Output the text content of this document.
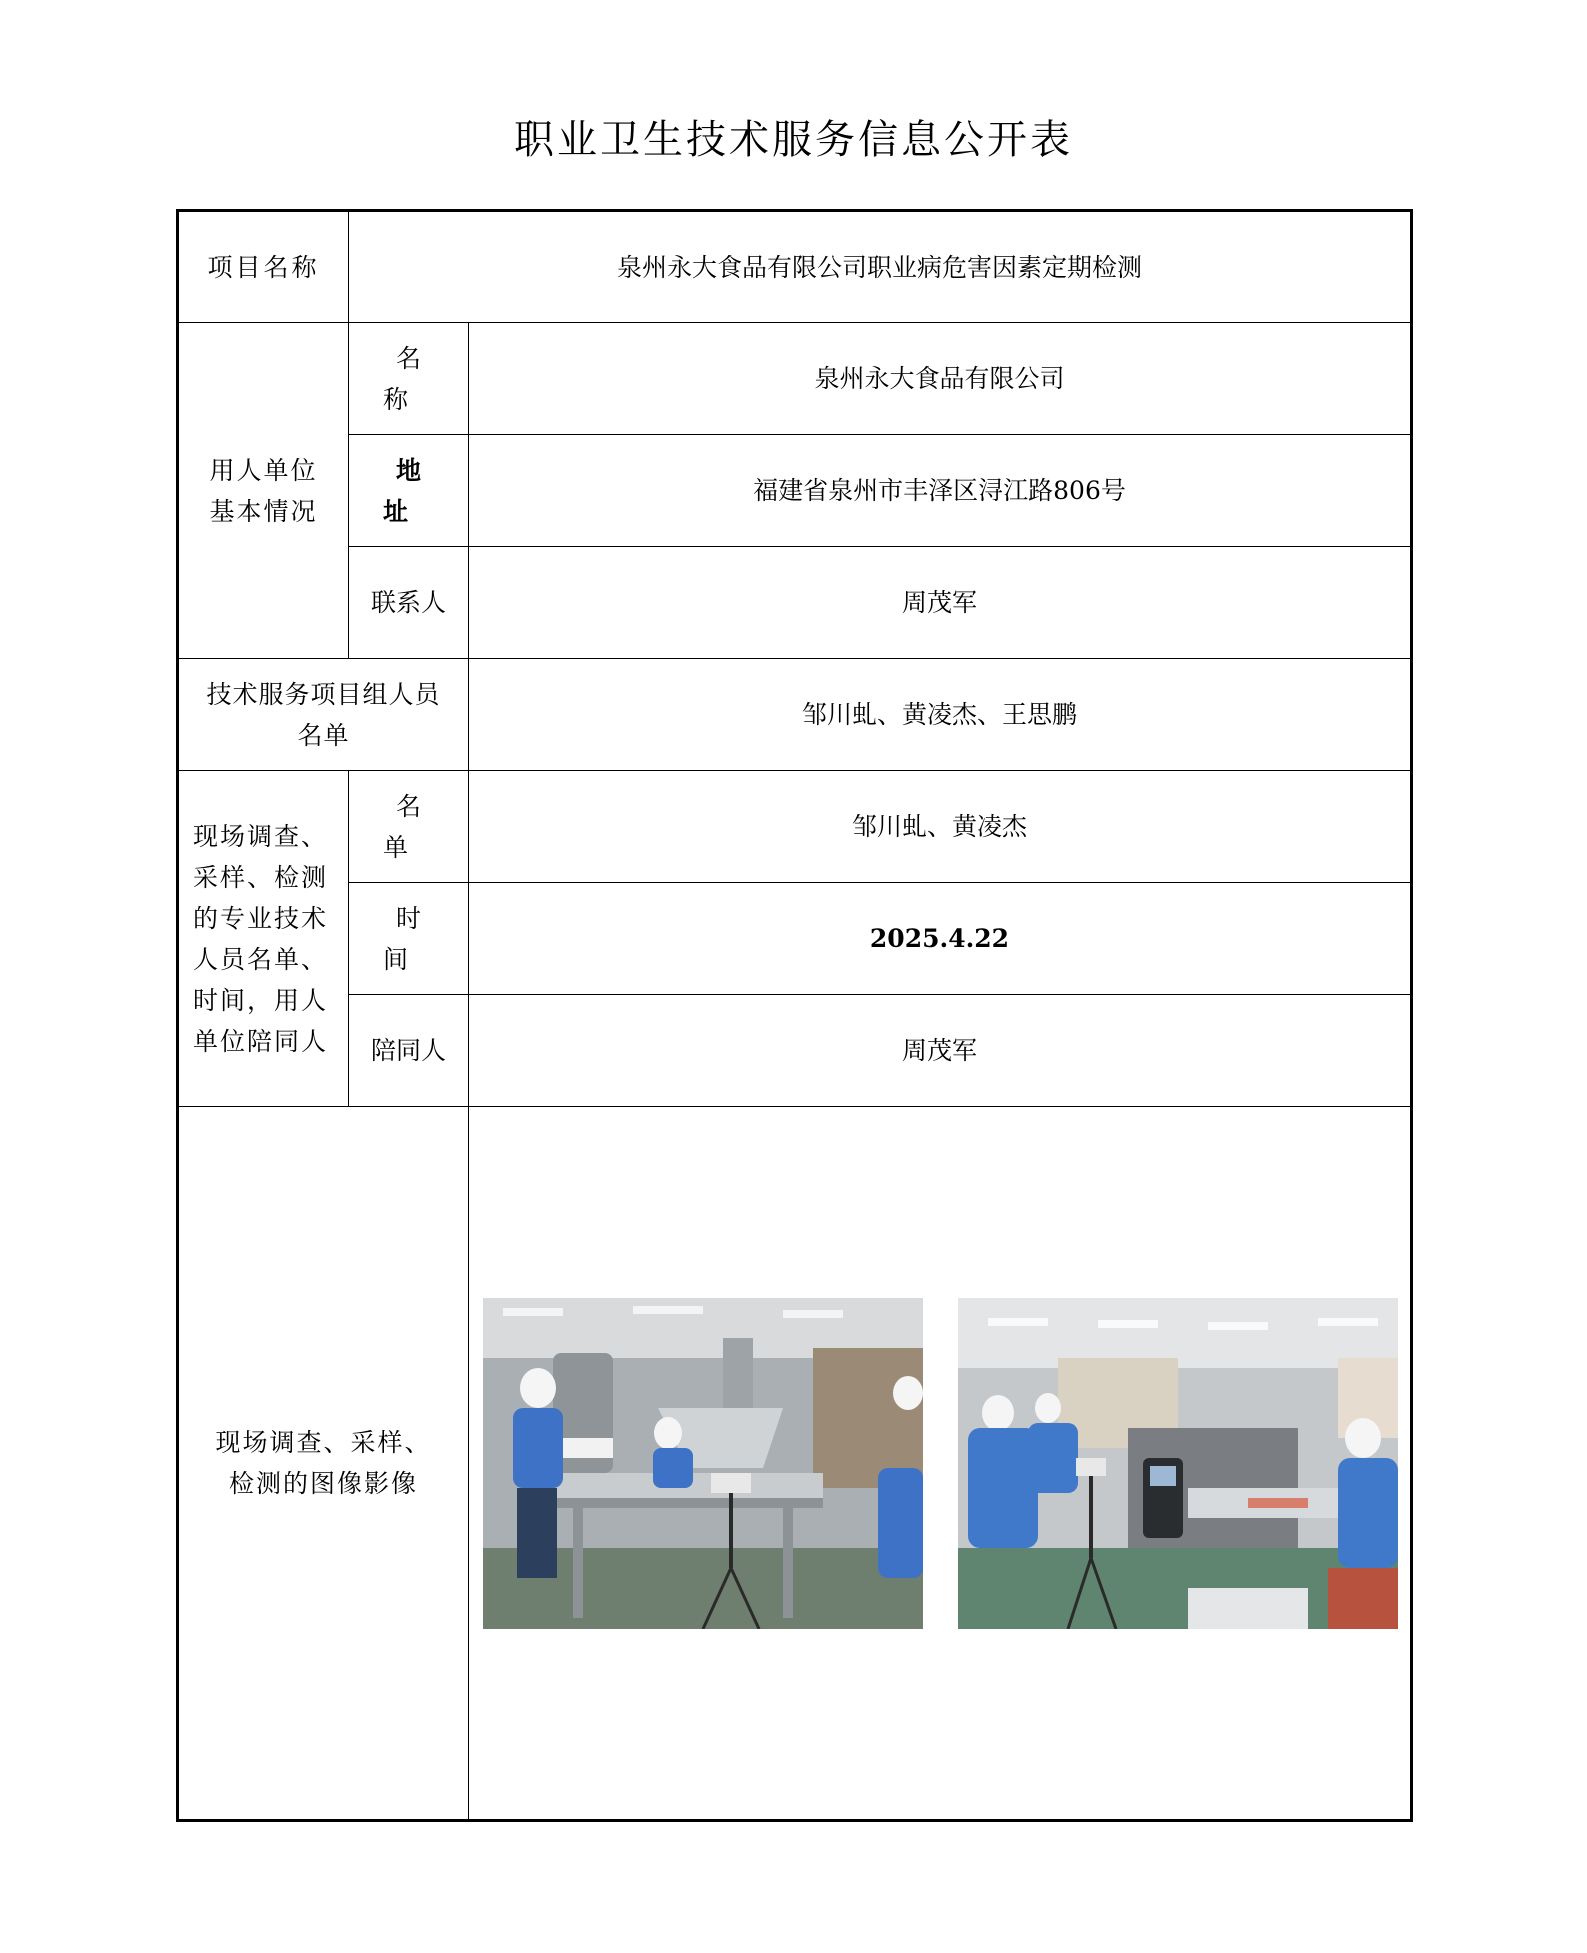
职业卫生技术服务信息公开表
项目名称	泉州永大食品有限公司职业病危害因素定期检测	
用人单位基本情况	名 称	泉州永大食品有限公司
	地 址	福建省泉州市丰泽区浔江路806号
	联系人	周茂军
技术服务项目组人员名单		邹川虬、黄凌杰、王思鹏
现场调查、采样、检测的专业技术人员名单、时间，用人单位陪同人	名 单	邹川虬、黄凌杰
	时 间	2025.4.22
	陪同人	周茂军
现场调查、采样、检测的图像影像	
